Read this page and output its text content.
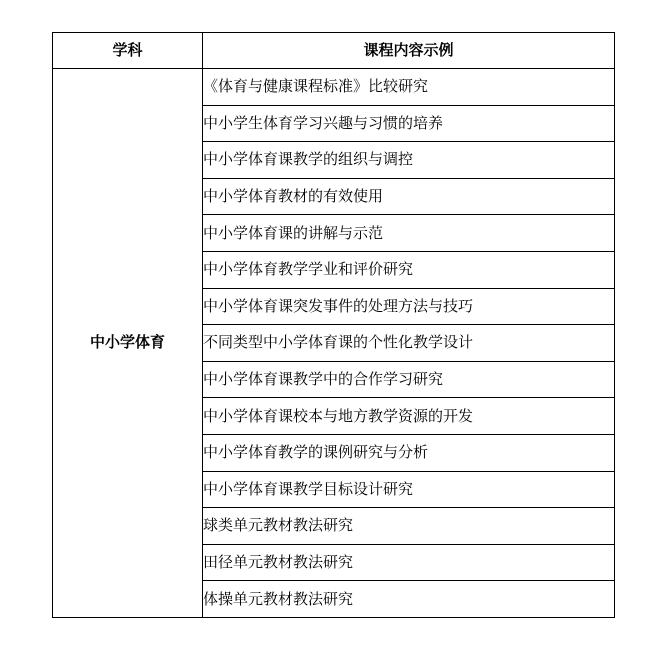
学科	课程内容示例
中小学体育	《体育与健康课程标准》比较研究
	中小学生体育学习兴趣与习惯的培养
	中小学体育课教学的组织与调控
	中小学体育教材的有效使用
	中小学体育课的讲解与示范
	中小学体育教学学业和评价研究
	中小学体育课突发事件的处理方法与技巧
	不同类型中小学体育课的个性化教学设计
	中小学体育课教学中的合作学习研究
	中小学体育课校本与地方教学资源的开发
	中小学体育教学的课例研究与分析
	中小学体育课教学目标设计研究
	球类单元教材教法研究
	田径单元教材教法研究
	体操单元教材教法研究
